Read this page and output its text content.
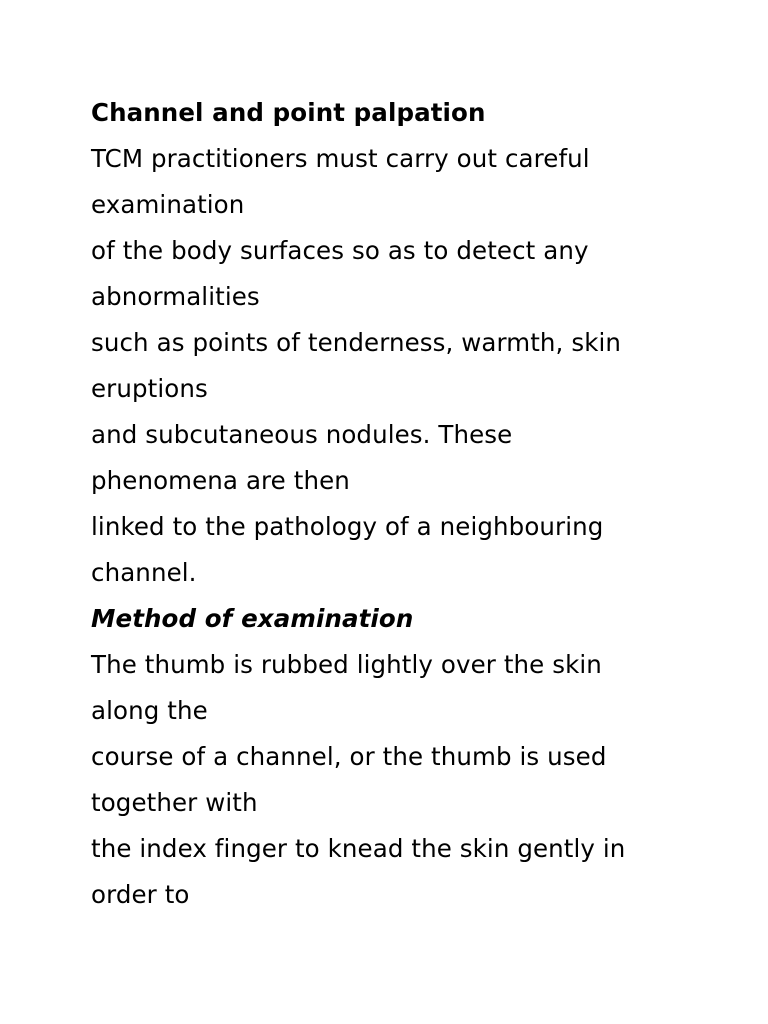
Channel and point palpation
TCM practitioners must carry out careful
examination
of the body surfaces so as to detect any
abnormalities
such as points of tenderness, warmth, skin
eruptions
and subcutaneous nodules. These
phenomena are then
linked to the pathology of a neighbouring
channel.
Method of examination
The thumb is rubbed lightly over the skin
along the
course of a channel, or the thumb is used
together with
the index finger to knead the skin gently in
order to
